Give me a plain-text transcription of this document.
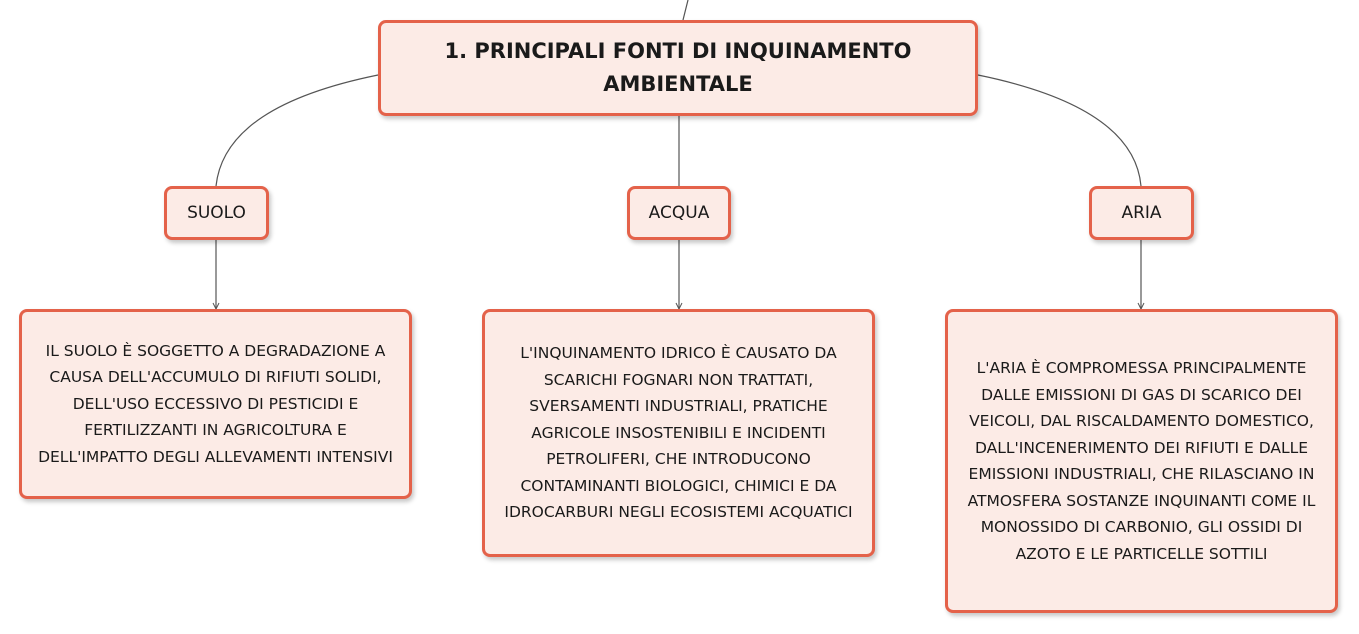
1. PRINCIPALI FONTI DI INQUINAMENTO AMBIENTALE
SUOLO	ACQUA	ARIA
IL SUOLO È SOGGETTO A DEGRADAZIONE A CAUSA DELL'ACCUMULO DI RIFIUTI SOLIDI, DELL'USO ECCESSIVO DI PESTICIDI E FERTILIZZANTI IN AGRICOLTURA E DELL'IMPATTO DEGLI ALLEVAMENTI INTENSIVI
L'INQUINAMENTO IDRICO È CAUSATO DA SCARICHI FOGNARI NON TRATTATI, SVERSAMENTI INDUSTRIALI, PRATICHE AGRICOLE INSOSTENIBILI E INCIDENTI PETROLIFERI, CHE INTRODUCONO CONTAMINANTI BIOLOGICI, CHIMICI E DA IDROCARBURI NEGLI ECOSISTEMI ACQUATICI
L'ARIA È COMPROMESSA PRINCIPALMENTE DALLE EMISSIONI DI GAS DI SCARICO DEI VEICOLI, DAL RISCALDAMENTO DOMESTICO, DALL'INCENERIMENTO DEI RIFIUTI E DALLE EMISSIONI INDUSTRIALI, CHE RILASCIANO IN ATMOSFERA SOSTANZE INQUINANTI COME IL MONOSSIDO DI CARBONIO, GLI OSSIDI DI AZOTO E LE PARTICELLE SOTTILI
